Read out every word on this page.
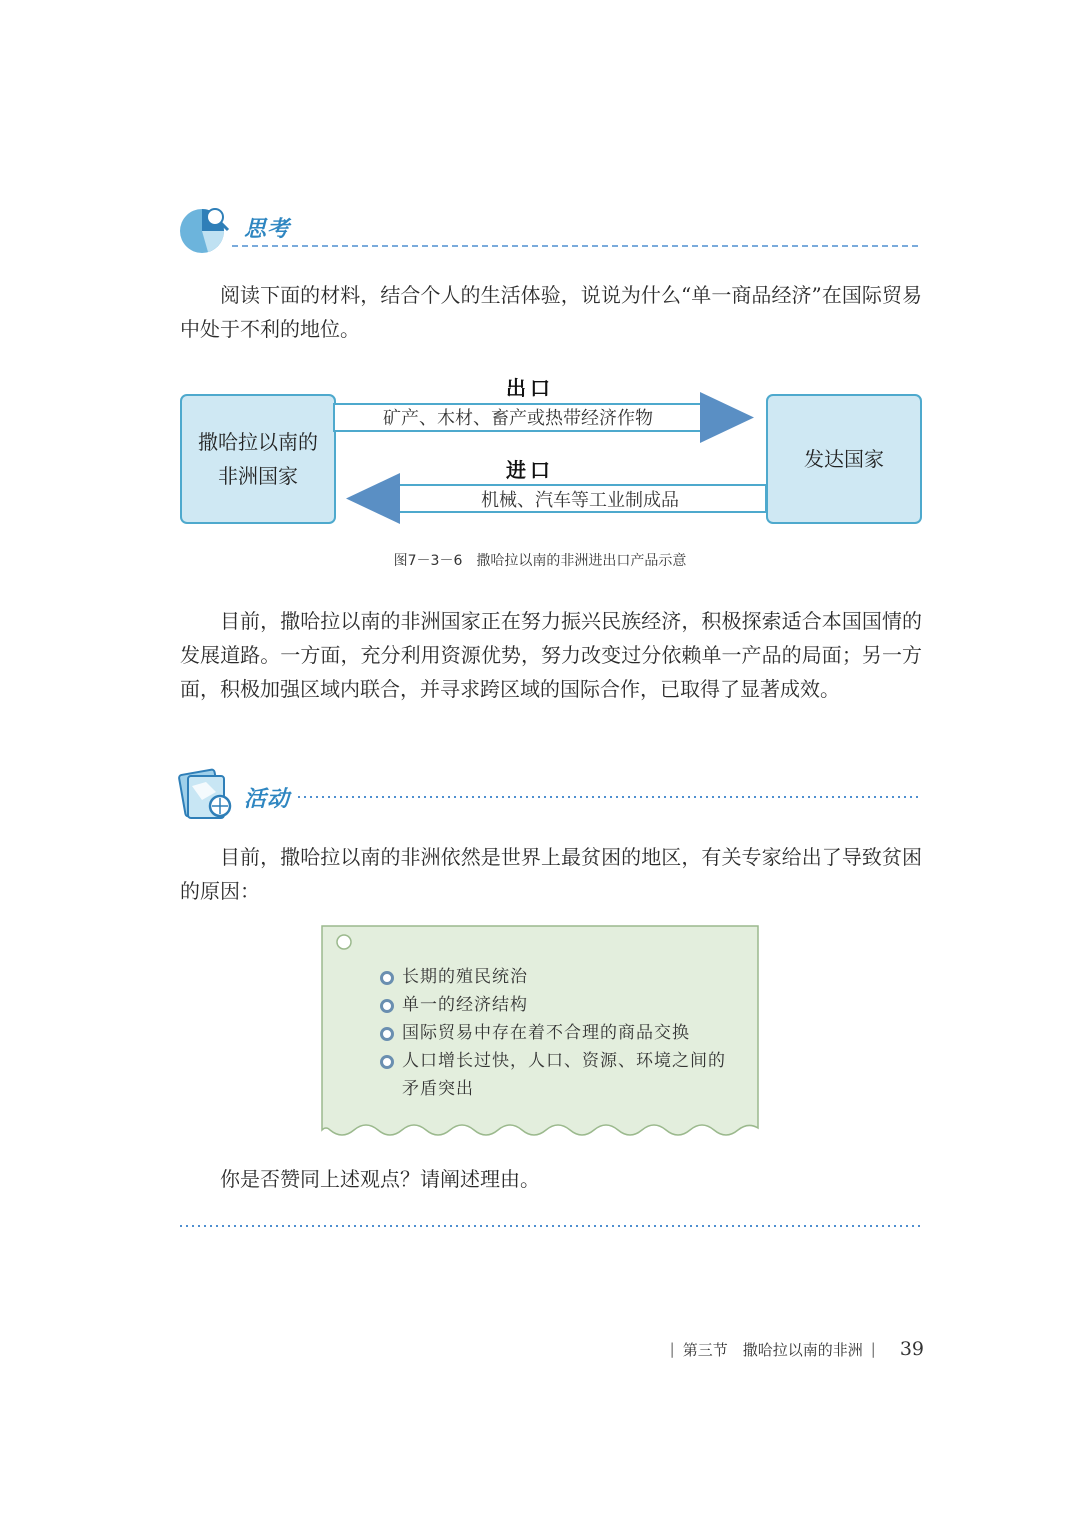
思考

阅读下面的材料，结合个人的生活体验，说说为什么“单一商品经济”在国际贸易中处于不利的地位。

撒哈拉以南的非洲国家
发达国家
出口
矿产、木材、畜产或热带经济作物
进口
机械、汽车等工业制成品
图7－3－6　撒哈拉以南的非洲进出口产品示意

目前，撒哈拉以南的非洲国家正在努力振兴民族经济，积极探索适合本国国情的发展道路。一方面，充分利用资源优势，努力改变过分依赖单一产品的局面；另一方面，积极加强区域内联合，并寻求跨区域的国际合作，已取得了显著成效。

活动

目前，撒哈拉以南的非洲依然是世界上最贫困的地区，有关专家给出了导致贫困的原因：

长期的殖民统治
单一的经济结构
国际贸易中存在着不合理的商品交换
人口增长过快，人口、资源、环境之间的矛盾突出

你是否赞同上述观点？请阐述理由。

| 第三节　撒哈拉以南的非洲 | 39
